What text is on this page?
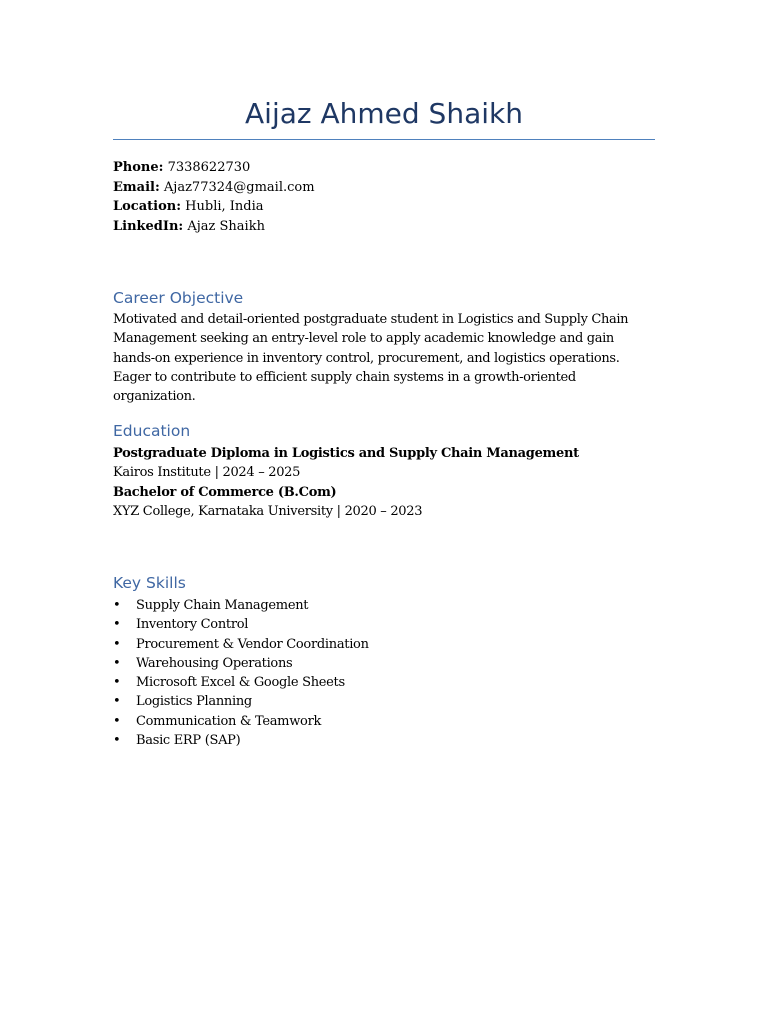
Aijaz Ahmed Shaikh
Phone: 7338622730
Email: Ajaz77324@gmail.com
Location: Hubli, India
LinkedIn: Ajaz Shaikh
Career Objective

Motivated and detail-oriented postgraduate student in Logistics and Supply Chain Management seeking an entry-level role to apply academic knowledge and gain hands-on experience in inventory control, procurement, and logistics operations. Eager to contribute to efficient supply chain systems in a growth-oriented organization.

Education
Postgraduate Diploma in Logistics and Supply Chain Management
Kairos Institute | 2024 – 2025
Bachelor of Commerce (B.Com)
XYZ College, Karnataka University | 2020 – 2023
Key Skills
• Supply Chain Management
• Inventory Control
• Procurement & Vendor Coordination
• Warehousing Operations
• Microsoft Excel & Google Sheets
• Logistics Planning
• Communication & Teamwork
• Basic ERP (SAP)
